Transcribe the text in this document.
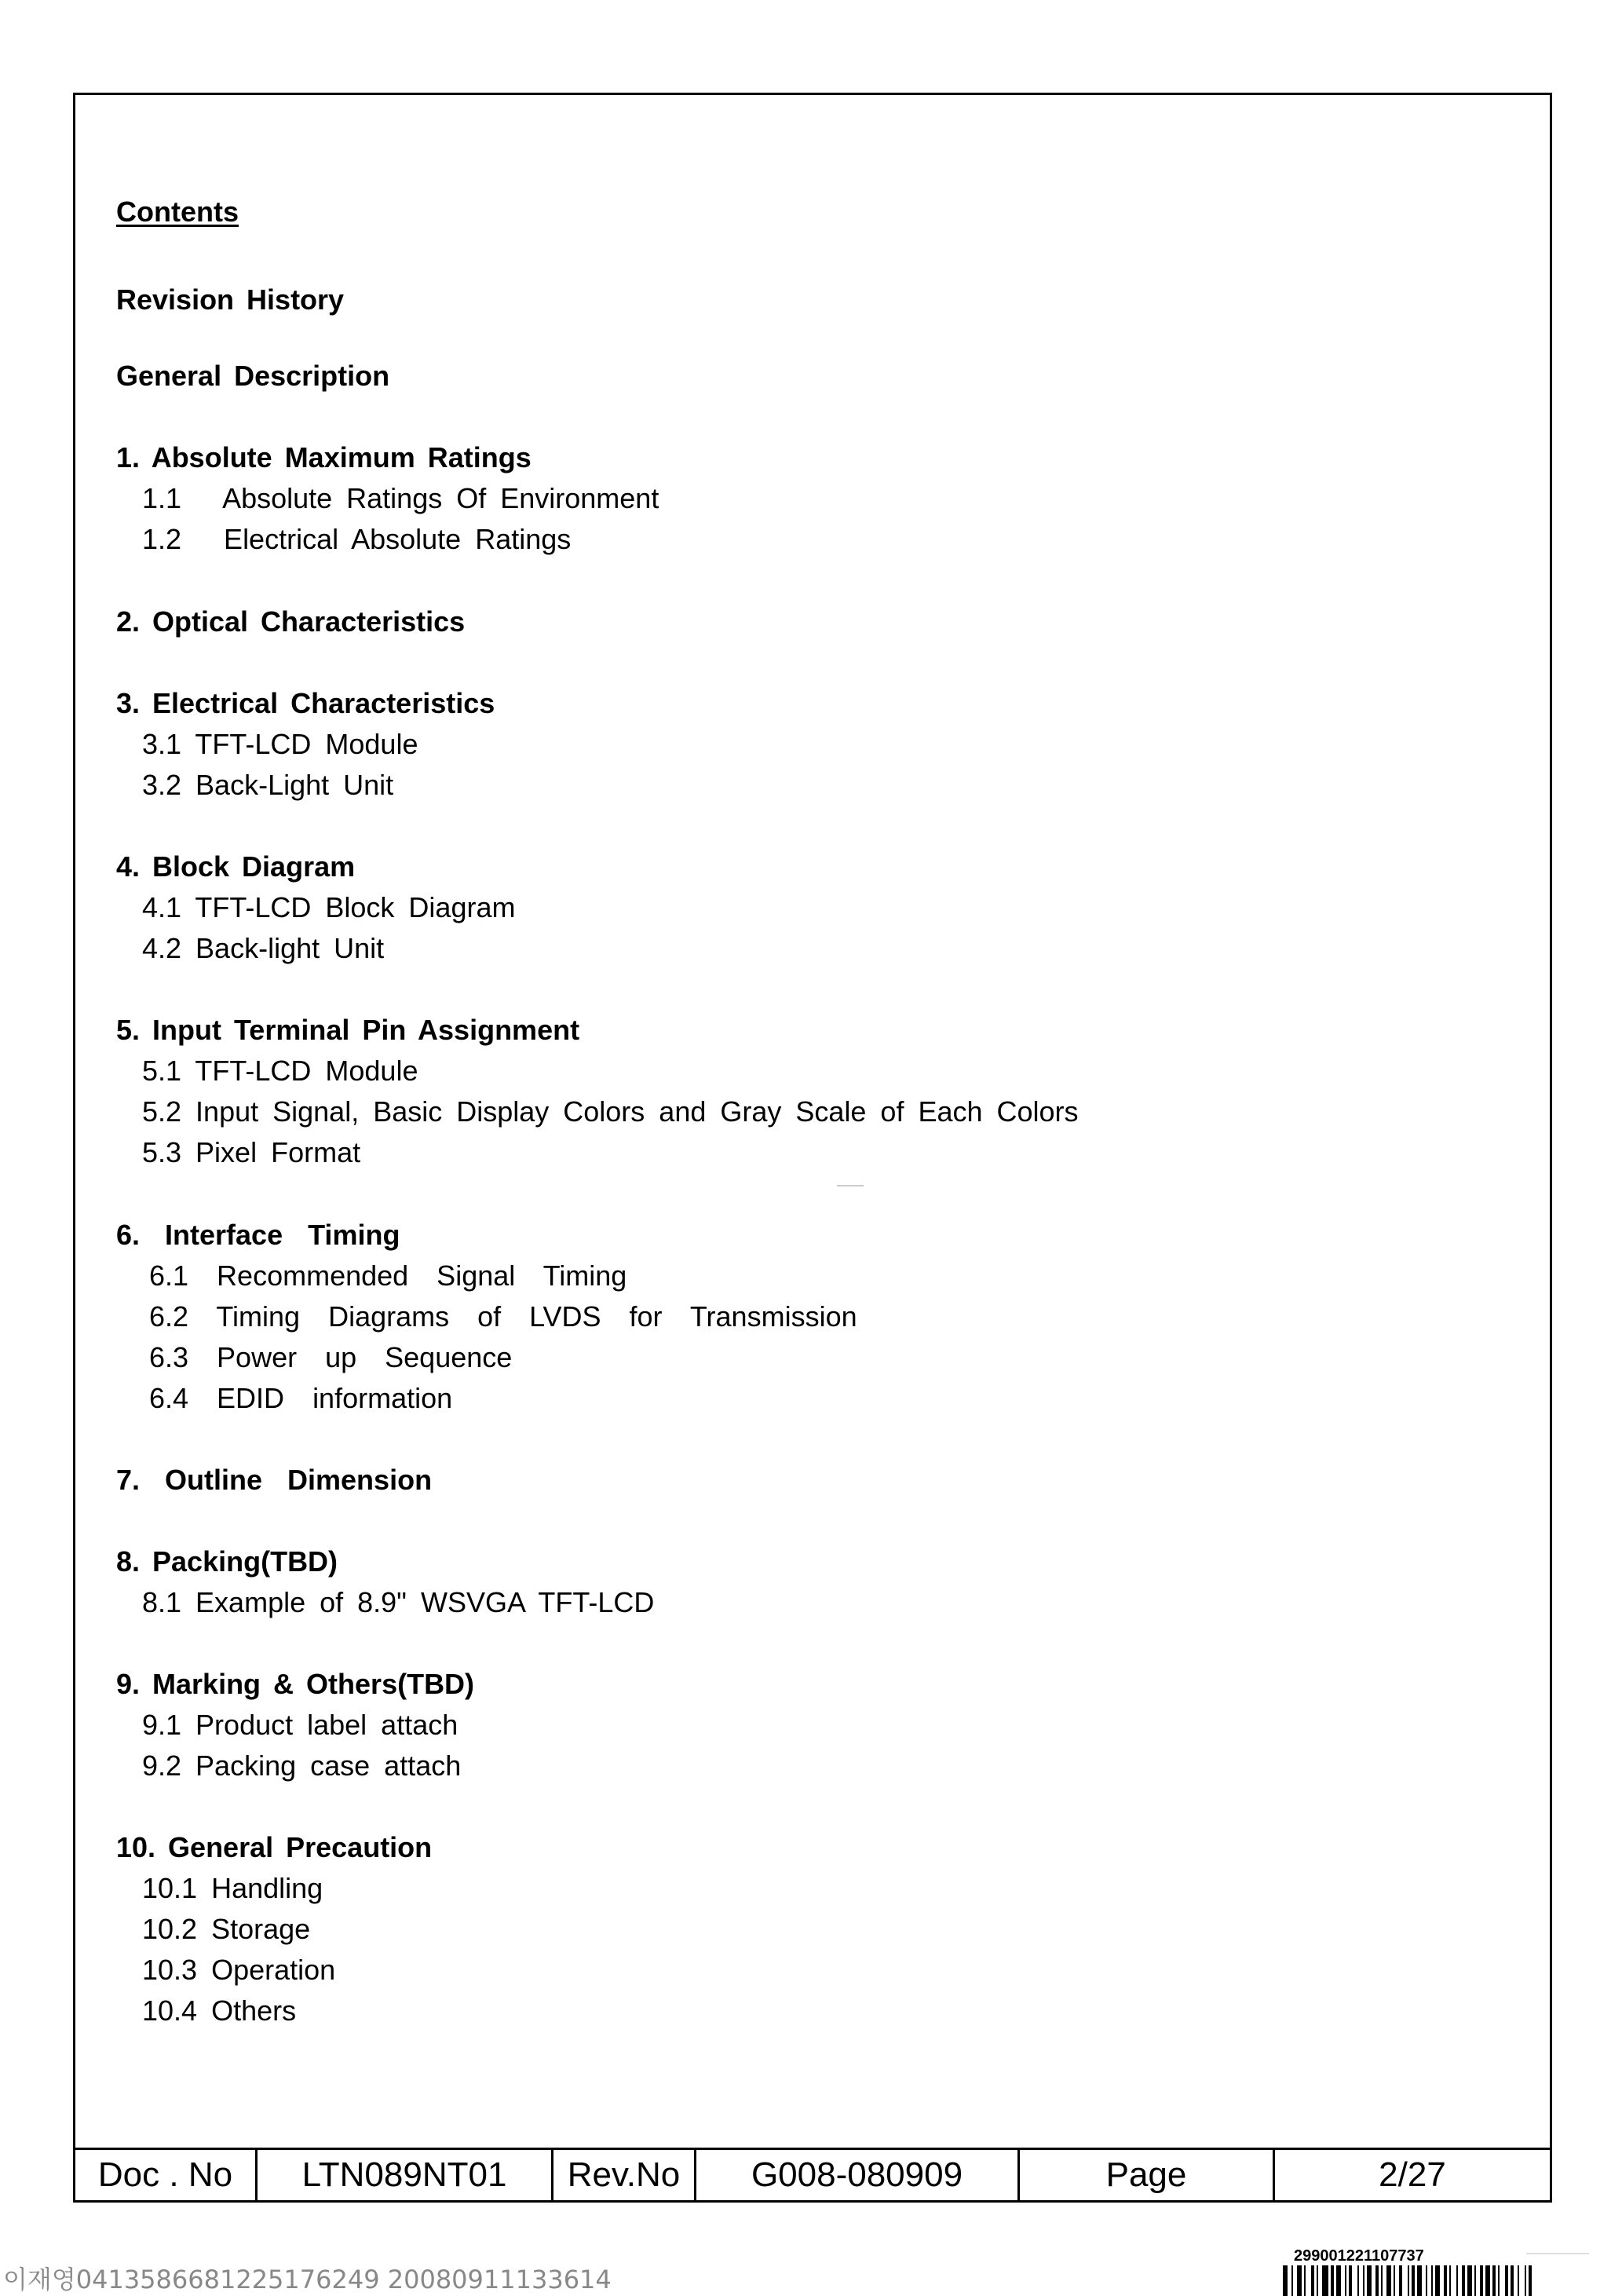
Contents
Revision History
General Description
1. Absolute Maximum Ratings
1.1   Absolute Ratings Of Environment
1.2   Electrical Absolute Ratings
2. Optical Characteristics
3. Electrical Characteristics
3.1 TFT-LCD Module
3.2 Back-Light Unit
4. Block Diagram
4.1 TFT-LCD Block Diagram
4.2 Back-light Unit
5. Input Terminal Pin Assignment
5.1 TFT-LCD Module
5.2 Input Signal, Basic Display Colors and Gray Scale of Each Colors
5.3 Pixel Format
6.  Interface  Timing
6.1  Recommended  Signal  Timing
6.2  Timing  Diagrams  of  LVDS  for  Transmission
6.3  Power  up  Sequence
6.4  EDID  information
7.  Outline  Dimension
8. Packing(TBD)
8.1 Example of 8.9" WSVGA TFT-LCD
9. Marking & Others(TBD)
9.1 Product label attach
9.2 Packing case attach
10. General Precaution
10.1 Handling
10.2 Storage
10.3 Operation
10.4 Others
Doc . No	LTN089NT01	Rev.No	G008-080909	Page	2/27
이재영0413586681225176249 20080911133614
299001221107737
